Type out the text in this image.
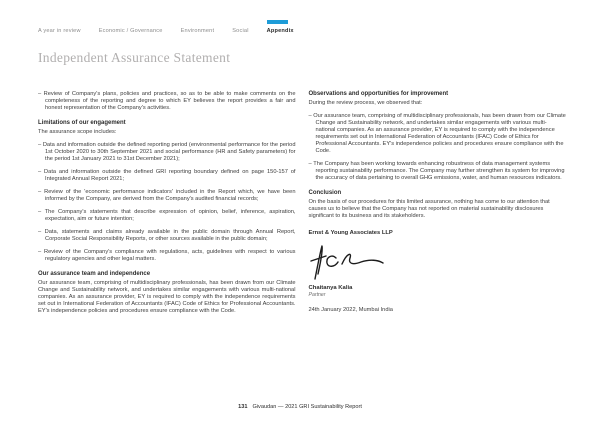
A year in review	Economic / Governance	Environment	Social	Appendix
Independent Assurance Statement
– Review of Company's plans, policies and practices, so as to be able to make comments on the completeness of the reporting and degree to which EY believes the report provides a fair and honest representation of the Company's activities.
Limitations of our engagement
The assurance scope includes:
– Data and information outside the defined reporting period (environmental performance for the period 1st October 2020 to 30th September 2021 and social performance (HR and Safety parameters) for the period 1st January 2021 to 31st December 2021);
– Data and information outside the defined GRI reporting boundary defined on page 150-157 of Integrated Annual Report 2021;
– Review of the 'economic performance indicators' included in the Report which, we have been informed by the Company, are derived from the Company's audited financial records;
– The Company's statements that describe expression of opinion, belief, inference, aspiration, expectation, aim or future intention;
– Data, statements and claims already available in the public domain through Annual Report, Corporate Social Responsibility Reports, or other sources available in the public domain;
– Review of the Company's compliance with regulations, acts, guidelines with respect to various regulatory agencies and other legal matters.
Our assurance team and independence

Our assurance team, comprising of multidisciplinary professionals, has been drawn from our Climate Change and Sustainability network, and undertakes similar engagements with various multi-national companies. As an assurance provider, EY is required to comply with the independence requirements set out in International Federation of Accountants (IFAC) Code of Ethics for Professional Accountants. EY's independence policies and procedures ensure compliance with the Code.

Observations and opportunities for improvement
During the review process, we observed that:
– Our assurance team, comprising of multidisciplinary professionals, has been drawn from our Climate Change and Sustainability network, and undertakes similar engagements with various multi-national companies. As an assurance provider, EY is required to comply with the independence requirements set out in International Federation of Accountants (IFAC) Code of Ethics for Professional Accountants. EY's independence policies and procedures ensure compliance with the Code.
– The Company has been working towards enhancing robustness of data management systems reporting sustainability performance. The Company may further strengthen its system for improving the accuracy of data pertaining to overall GHG emissions, water, and human resources indicators.
Conclusion

On the basis of our procedures for this limited assurance, nothing has come to our attention that causes us to believe that the Company has not reported on material sustainability disclosures significant to its business and its stakeholders.

Ernst & Young Associates LLP
Chaitanya Kalia
Partner
24th January 2022, Mumbai India
131 Givaudan — 2021 GRI Sustainability Report
